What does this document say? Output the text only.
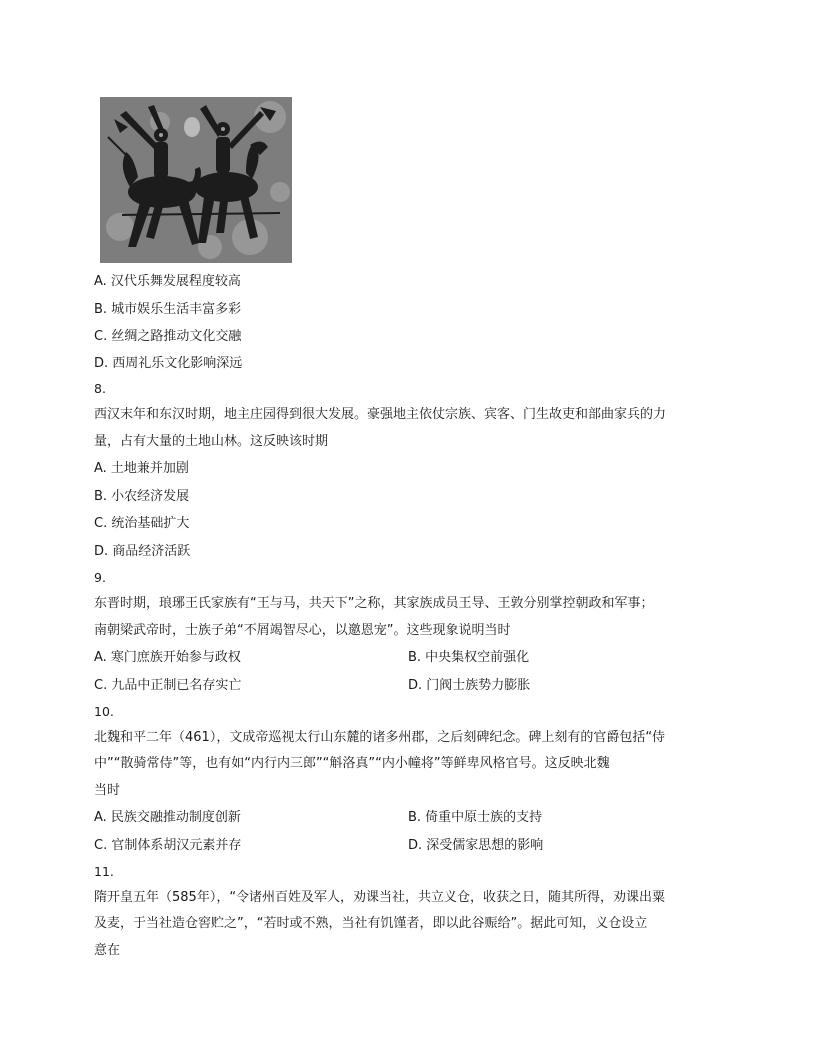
A. 汉代乐舞发展程度较高
B. 城市娱乐生活丰富多彩
C. 丝绸之路推动文化交融
D. 西周礼乐文化影响深远
8.
西汉末年和东汉时期，地主庄园得到很大发展。豪强地主依仗宗族、宾客、门生故吏和部曲家兵的力
量，占有大量的土地山林。这反映该时期
A. 土地兼并加剧
B. 小农经济发展
C. 统治基础扩大
D. 商品经济活跃
9.
东晋时期，琅琊王氏家族有“王与马，共天下”之称，其家族成员王导、王敦分别掌控朝政和军事；
南朝梁武帝时，士族子弟“不屑竭智尽心，以邀恩宠”。这些现象说明当时
A. 寒门庶族开始参与政权	B. 中央集权空前强化
C. 九品中正制已名存实亡	D. 门阀士族势力膨胀
10.
北魏和平二年（461），文成帝巡视太行山东麓的诸多州郡，之后刻碑纪念。碑上刻有的官爵包括“侍
中”“散骑常侍”等，也有如“内行内三郎”“斛洛真”“内小幢将”等鲜卑风格官号。这反映北魏
当时
A. 民族交融推动制度创新	B. 倚重中原士族的支持
C. 官制体系胡汉元素并存	D. 深受儒家思想的影响
11.
隋开皇五年（585年），“令诸州百姓及军人，劝课当社，共立义仓，收获之日，随其所得，劝课出粟
及麦，于当社造仓窖贮之”，“若时或不熟，当社有饥馑者，即以此谷赈给”。据此可知，义仓设立
意在
